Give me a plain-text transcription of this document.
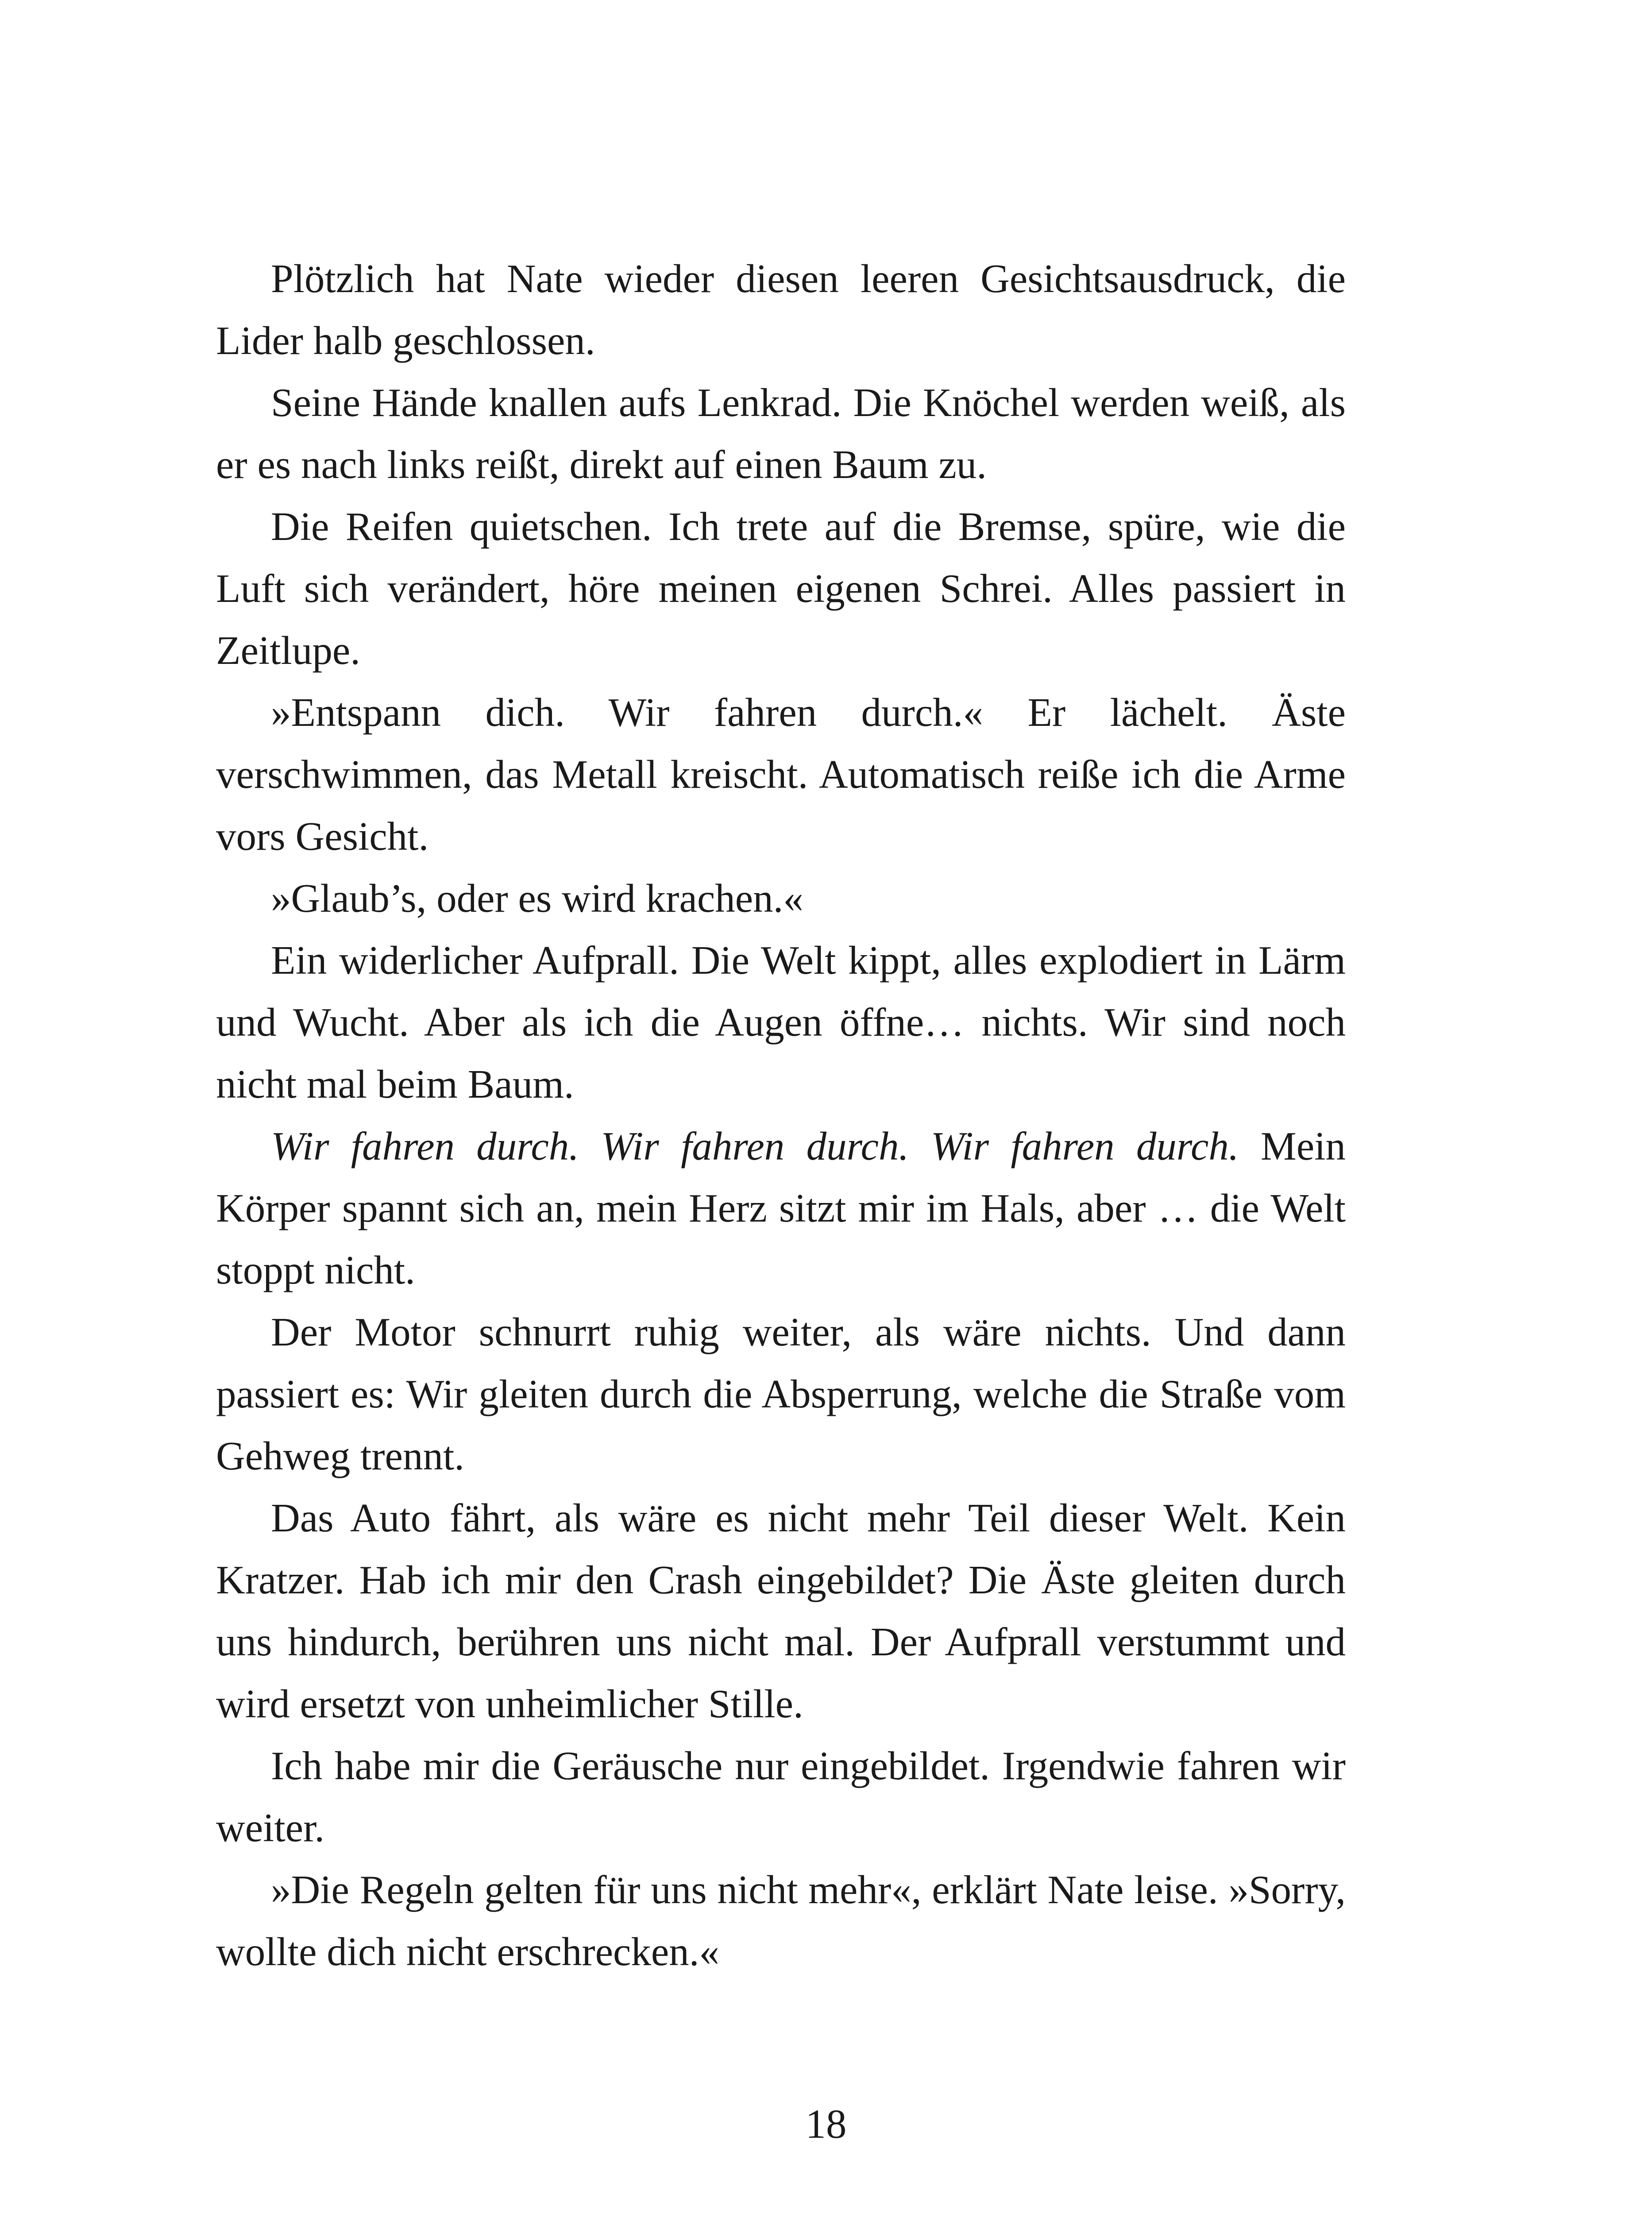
Plötzlich hat Nate wieder diesen leeren Gesichtsausdruck, die Lider halb geschlossen.

Seine Hände knallen aufs Lenkrad. Die Knöchel werden weiß, als er es nach links reißt, direkt auf einen Baum zu.

Die Reifen quietschen. Ich trete auf die Bremse, spüre, wie die Luft sich verändert, höre meinen eigenen Schrei. Alles passiert in Zeitlupe.

»Entspann dich. Wir fahren durch.« Er lächelt. Äste verschwimmen, das Metall kreischt. Automatisch reiße ich die Arme vors Gesicht.

»Glaub’s, oder es wird krachen.«

Ein widerlicher Aufprall. Die Welt kippt, alles explodiert in Lärm und Wucht. Aber als ich die Augen öffne… nichts. Wir sind noch nicht mal beim Baum.

Wir fahren durch. Wir fahren durch. Wir fahren durch. Mein Körper spannt sich an, mein Herz sitzt mir im Hals, aber … die Welt stoppt nicht.

Der Motor schnurrt ruhig weiter, als wäre nichts. Und dann passiert es: Wir gleiten durch die Absperrung, welche die Straße vom Gehweg trennt.

Das Auto fährt, als wäre es nicht mehr Teil dieser Welt. Kein Kratzer. Hab ich mir den Crash eingebildet? Die Äste gleiten durch uns hindurch, berühren uns nicht mal. Der Aufprall verstummt und wird ersetzt von unheimlicher Stille.

Ich habe mir die Geräusche nur eingebildet. Irgendwie fahren wir weiter.

»Die Regeln gelten für uns nicht mehr«, erklärt Nate leise. »Sorry, wollte dich nicht erschrecken.«

18
